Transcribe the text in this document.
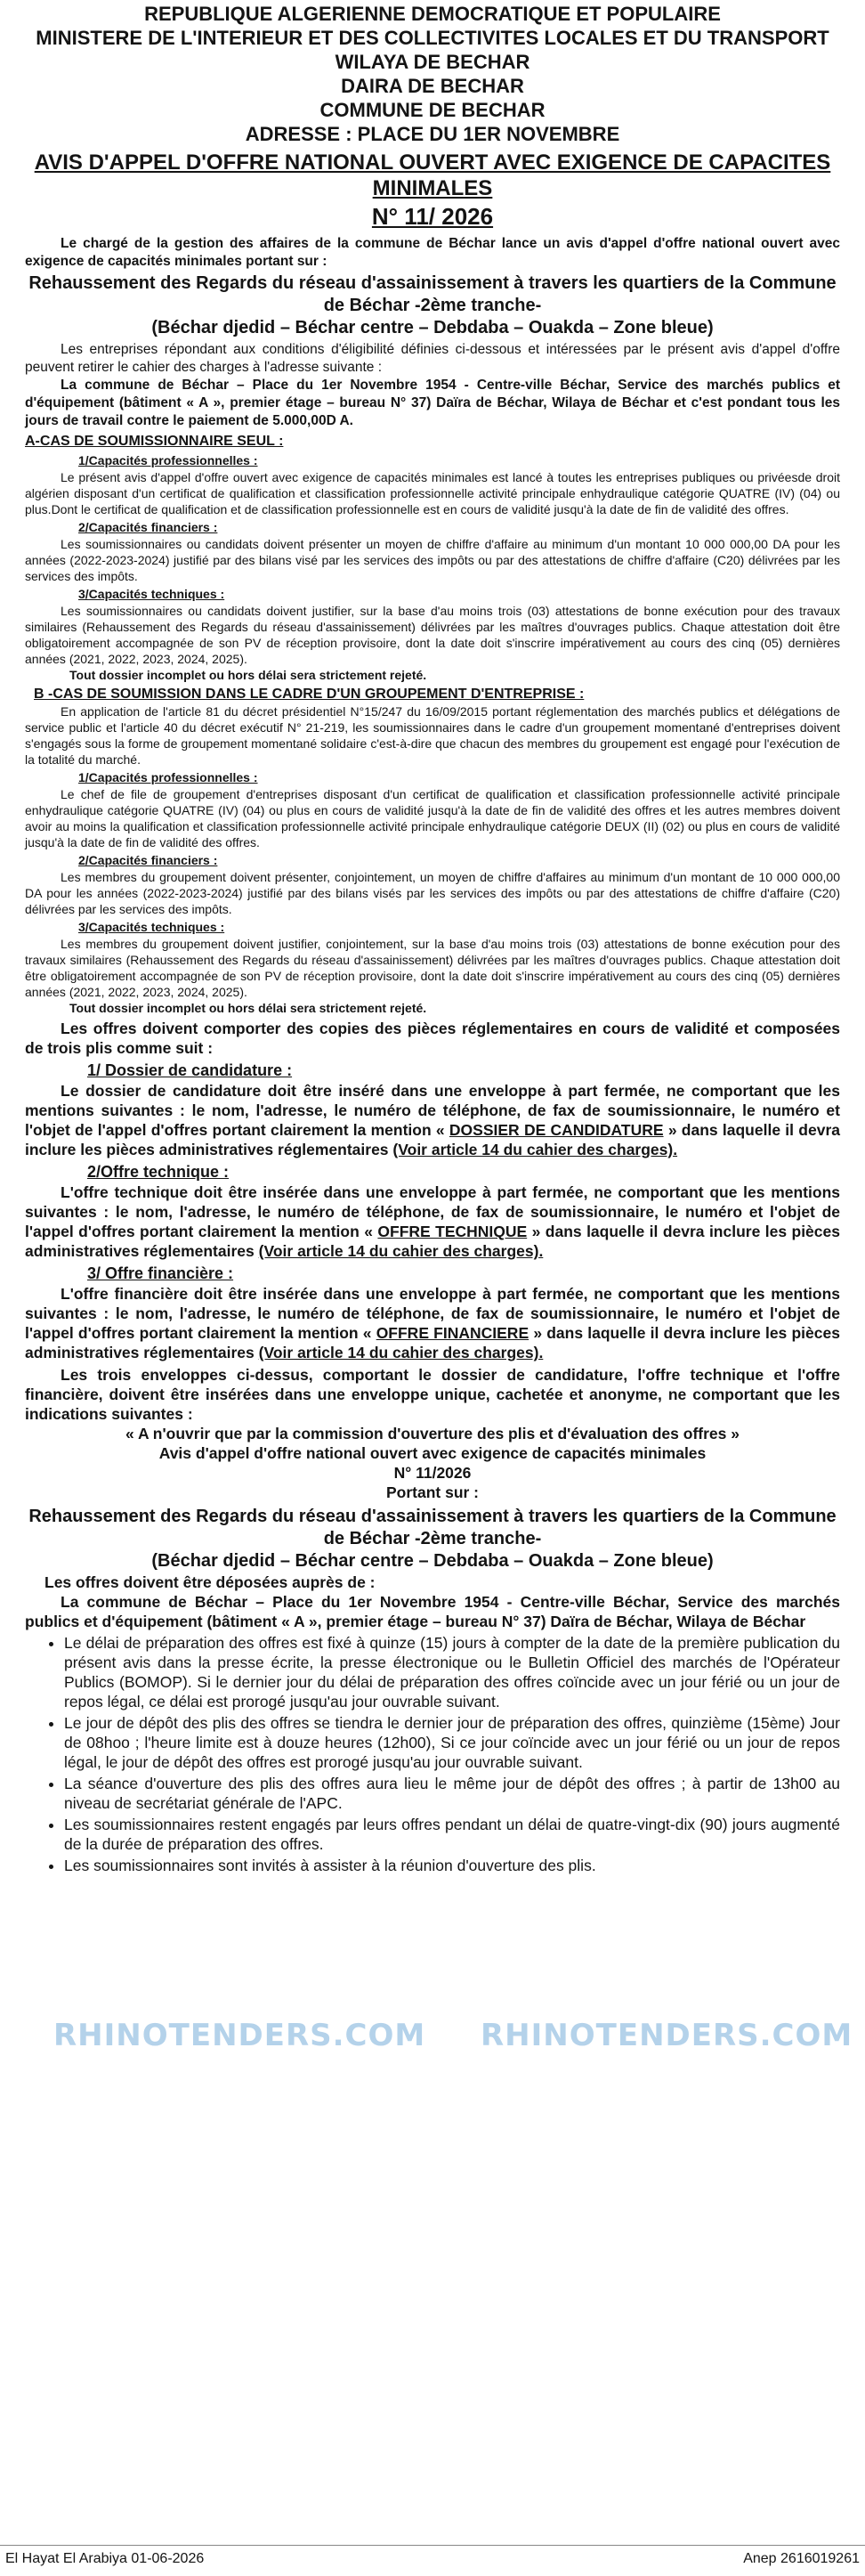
REPUBLIQUE ALGERIENNE DEMOCRATIQUE ET POPULAIRE
MINISTERE DE L'INTERIEUR ET DES COLLECTIVITES LOCALES ET DU TRANSPORT
WILAYA DE BECHAR
DAIRA DE BECHAR
COMMUNE DE BECHAR
ADRESSE : PLACE DU 1ER NOVEMBRE
AVIS D'APPEL D'OFFRE NATIONAL OUVERT AVEC EXIGENCE DE CAPACITES MINIMALES
N° 11/ 2026

Le chargé de la gestion des affaires de la commune de Béchar lance un avis d'appel d'offre national ouvert avec exigence de capacités minimales portant sur :

Rehaussement des Regards du réseau d'assainissement à travers les quartiers de la Commune de Béchar -2ème tranche-
(Béchar djedid – Béchar centre – Debdaba – Ouakda – Zone bleue)

Les entreprises répondant aux conditions d'éligibilité définies ci-dessous et intéressées par le présent avis d'appel d'offre peuvent retirer le cahier des charges à l'adresse suivante :

La commune de Béchar – Place du 1er Novembre 1954 - Centre-ville Béchar, Service des marchés publics et d'équipement (bâtiment « A », premier étage – bureau N° 37) Daïra de Béchar, Wilaya de Béchar et c'est pondant tous les jours de travail contre le paiement de 5.000,00D A.

A-CAS DE SOUMISSIONNAIRE SEUL :
1/Capacités professionnelles :

Le présent avis d'appel d'offre ouvert avec exigence de capacités minimales est lancé à toutes les entreprises publiques ou privéesde droit algérien disposant d'un certificat de qualification et classification professionnelle activité principale enhydraulique catégorie QUATRE (IV) (04) ou plus.Dont le certificat de qualification et de classification professionnelle est en cours de validité jusqu'à la date de fin de validité des offres.

2/Capacités financiers :

Les soumissionnaires ou candidats doivent présenter un moyen de chiffre d'affaire au minimum d'un montant 10 000 000,00 DA pour les années (2022-2023-2024) justifié par des bilans visé par les services des impôts ou par des attestations de chiffre d'affaire (C20) délivrées par les services des impôts.

3/Capacités techniques :

Les soumissionnaires ou candidats doivent justifier, sur la base d'au moins trois (03) attestations de bonne exécution pour des travaux similaires (Rehaussement des Regards du réseau d'assainissement) délivrées par les maîtres d'ouvrages publics. Chaque attestation doit être obligatoirement accompagnée de son PV de réception provisoire, dont la date doit s'inscrire impérativement au cours des cinq (05) dernières années (2021, 2022, 2023, 2024, 2025).

Tout dossier incomplet ou hors délai sera strictement rejeté.

B -CAS DE SOUMISSION DANS LE CADRE D'UN GROUPEMENT D'ENTREPRISE :

En application de l'article 81 du décret présidentiel N°15/247 du 16/09/2015 portant réglementation des marchés publics et délégations de service public et l'article 40 du décret exécutif N° 21-219, les soumissionnaires dans le cadre d'un groupement momentané d'entreprises doivent s'engagés sous la forme de groupement momentané solidaire c'est-à-dire que chacun des membres du groupement est engagé pour l'exécution de la totalité du marché.

1/Capacités professionnelles :

Le chef de file de groupement d'entreprises disposant d'un certificat de qualification et classification professionnelle activité principale enhydraulique catégorie QUATRE (IV) (04) ou plus en cours de validité jusqu'à la date de fin de validité des offres et les autres membres doivent avoir au moins la qualification et classification professionnelle activité principale enhydraulique catégorie DEUX (II) (02) ou plus en cours de validité jusqu'à la date de fin de validité des offres.

2/Capacités financiers :

Les membres du groupement doivent présenter, conjointement, un moyen de chiffre d'affaires au minimum d'un montant de 10 000 000,00 DA pour les années (2022-2023-2024) justifié par des bilans visés par les services des impôts ou par des attestations de chiffre d'affaire (C20) délivrées par les services des impôts.

3/Capacités techniques :

Les membres du groupement doivent justifier, conjointement, sur la base d'au moins trois (03) attestations de bonne exécution pour des travaux similaires (Rehaussement des Regards du réseau d'assainissement) délivrées par les maîtres d'ouvrages publics. Chaque attestation doit être obligatoirement accompagnée de son PV de réception provisoire, dont la date doit s'inscrire impérativement au cours des cinq (05) dernières années (2021, 2022, 2023, 2024, 2025).

Tout dossier incomplet ou hors délai sera strictement rejeté.

Les offres doivent comporter des copies des pièces réglementaires en cours de validité et composées de trois plis comme suit :

1/ Dossier de candidature :

Le dossier de candidature doit être inséré dans une enveloppe à part fermée, ne comportant que les mentions suivantes : le nom, l'adresse, le numéro de téléphone, de fax de soumissionnaire, le numéro et l'objet de l'appel d'offres portant clairement la mention « DOSSIER DE CANDIDATURE » dans laquelle il devra inclure les pièces administratives réglementaires (Voir article 14 du cahier des charges).

2/Offre technique :

L'offre technique doit être insérée dans une enveloppe à part fermée, ne comportant que les mentions suivantes : le nom, l'adresse, le numéro de téléphone, de fax de soumissionnaire, le numéro et l'objet de l'appel d'offres portant clairement la mention « OFFRE TECHNIQUE » dans laquelle il devra inclure les pièces administratives réglementaires (Voir article 14 du cahier des charges).

3/ Offre financière :

L'offre financière doit être insérée dans une enveloppe à part fermée, ne comportant que les mentions suivantes : le nom, l'adresse, le numéro de téléphone, de fax de soumissionnaire, le numéro et l'objet de l'appel d'offres portant clairement la mention « OFFRE FINANCIERE » dans laquelle il devra inclure les pièces administratives réglementaires (Voir article 14 du cahier des charges).

Les trois enveloppes ci-dessus, comportant le dossier de candidature, l'offre technique et l'offre financière, doivent être insérées dans une enveloppe unique, cachetée et anonyme, ne comportant que les indications suivantes :

« A n'ouvrir que par la commission d'ouverture des plis et d'évaluation des offres »
Avis d'appel d'offre national ouvert avec exigence de capacités minimales
N° 11/2026
Portant sur :
Rehaussement des Regards du réseau d'assainissement à travers les quartiers de la Commune de Béchar -2ème tranche-
(Béchar djedid – Béchar centre – Debdaba – Ouakda – Zone bleue)

Les offres doivent être déposées auprès de :

La commune de Béchar – Place du 1er Novembre 1954 - Centre-ville Béchar, Service des marchés publics et d'équipement (bâtiment « A », premier étage – bureau N° 37) Daïra de Béchar, Wilaya de Béchar

• Le délai de préparation des offres est fixé à quinze (15) jours à compter de la date de la première publication du présent avis dans la presse écrite, la presse électronique ou le Bulletin Officiel des marchés de l'Opérateur Publics (BOMOP). Si le dernier jour du délai de préparation des offres coïncide avec un jour férié ou un jour de repos légal, ce délai est prorogé jusqu'au jour ouvrable suivant.
• Le jour de dépôt des plis des offres se tiendra le dernier jour de préparation des offres, quinzième (15ème) Jour de 08hoo ; l'heure limite est à douze heures (12h00), Si ce jour coïncide avec un jour férié ou un jour de repos légal, le jour de dépôt des offres est prorogé jusqu'au jour ouvrable suivant.
• La séance d'ouverture des plis des offres aura lieu le même jour de dépôt des offres ; à partir de 13h00 au niveau de secrétariat générale de l'APC.
• Les soumissionnaires restent engagés par leurs offres pendant un délai de quatre-vingt-dix (90) jours augmenté de la durée de préparation des offres.
• Les soumissionnaires sont invités à assister à la réunion d'ouverture des plis.
RHINOTENDERS.COM RHINOTENDERS.COM
El Hayat El Arabiya 01-06-2026	Anep 2616019261
